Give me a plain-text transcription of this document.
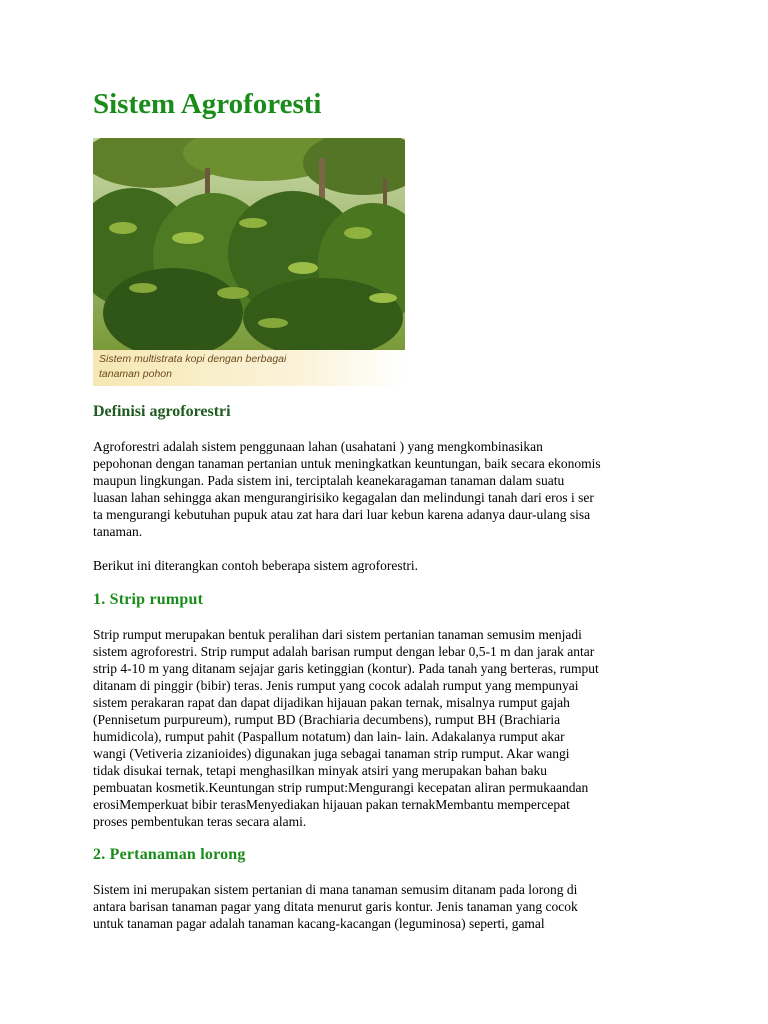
Sistem Agroforesti
Sistem multistrata kopi dengan berbagai
tanaman pohon
Definisi agroforestri

Agroforestri adalah sistem penggunaan lahan (usahatani ) yang mengkombinasikan
pepohonan dengan tanaman pertanian untuk meningkatkan keuntungan, baik secara ekonomis
maupun lingkungan. Pada sistem ini, terciptalah keanekaragaman tanaman dalam suatu
luasan lahan sehingga akan mengurangirisiko kegagalan dan melindungi tanah dari eros i ser
ta mengurangi kebutuhan pupuk atau zat hara dari luar kebun karena adanya daur-ulang sisa
tanaman.

Berikut ini diterangkan contoh beberapa sistem agroforestri.

1. Strip rumput

Strip rumput merupakan bentuk peralihan dari sistem pertanian tanaman semusim menjadi
sistem agroforestri. Strip rumput adalah barisan rumput dengan lebar 0,5-1 m dan jarak antar
strip 4-10 m yang ditanam sejajar garis ketinggian (kontur). Pada tanah yang berteras, rumput
ditanam di pinggir (bibir) teras. Jenis rumput yang cocok adalah rumput yang mempunyai
sistem perakaran rapat dan dapat dijadikan hijauan pakan ternak, misalnya rumput gajah
(Pennisetum purpureum), rumput BD (Brachiaria decumbens), rumput BH (Brachiaria
humidicola), rumput pahit (Paspallum notatum) dan lain- lain. Adakalanya rumput akar
wangi (Vetiveria zizanioides) digunakan juga sebagai tanaman strip rumput. Akar wangi
tidak disukai ternak, tetapi menghasilkan minyak atsiri yang merupakan bahan baku
pembuatan kosmetik.Keuntungan strip rumput:Mengurangi kecepatan aliran permukaandan
erosiMemperkuat bibir terasMenyediakan hijauan pakan ternakMembantu mempercepat
proses pembentukan teras secara alami.

2. Pertanaman lorong

Sistem ini merupakan sistem pertanian di mana tanaman semusim ditanam pada lorong di
antara barisan tanaman pagar yang ditata menurut garis kontur. Jenis tanaman yang cocok
untuk tanaman pagar adalah tanaman kacang-kacangan (leguminosa) seperti, gamal
